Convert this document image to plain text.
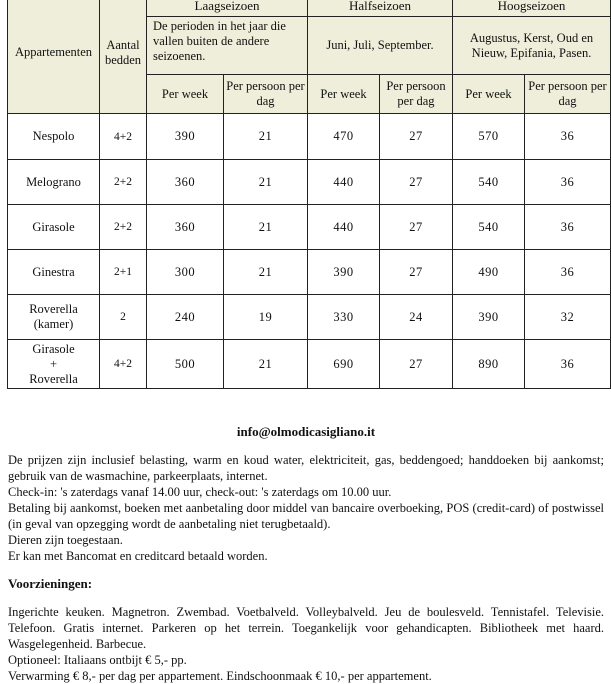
Appartementen	Aantal bedden	Laagseizoen		Halfseizoen		Hoogseizoen	
		De perioden in het jaar die vallen buiten de andere seizoenen.		Juni, Juli, September.		Augustus, Kerst, Oud en Nieuw, Epifania, Pasen.	
		Per week	Per persoon per dag	Per week	Per persoon per dag	Per week	Per persoon per dag
Nespolo	4+2	390	21	470	27	570	36
Melograno	2+2	360	21	440	27	540	36
Girasole	2+2	360	21	440	27	540	36
Ginestra	2+1	300	21	390	27	490	36
Roverella
(kamer)	2	240	19	330	24	390	32
Girasole
+
Roverella	4+2	500	21	690	27	890	36

info@olmodicasigliano.it

De prijzen zijn inclusief belasting, warm en koud water, elektriciteit, gas, beddengoed; handdoeken bij aankomst; gebruik van de wasmachine, parkeerplaats, internet.
Check-in: 's zaterdags vanaf 14.00 uur, check-out: 's zaterdags om 10.00 uur.
Betaling bij aankomst, boeken met aanbetaling door middel van bancaire overboeking, POS (credit-card) of postwissel (in geval van opzegging wordt de aanbetaling niet terugbetaald).
Dieren zijn toegestaan.
Er kan met Bancomat en creditcard betaald worden.

Voorzieningen:

Ingerichte keuken. Magnetron. Zwembad. Voetbalveld. Volleybalveld. Jeu de boulesveld. Tennistafel. Televisie. Telefoon. Gratis internet. Parkeren op het terrein. Toegankelijk voor gehandicapten. Bibliotheek met haard. Wasgelegenheid. Barbecue.
Optioneel: Italiaans ontbijt € 5,- pp.
Verwarming € 8,- per dag per appartement. Eindschoonmaak € 10,- per appartement.
